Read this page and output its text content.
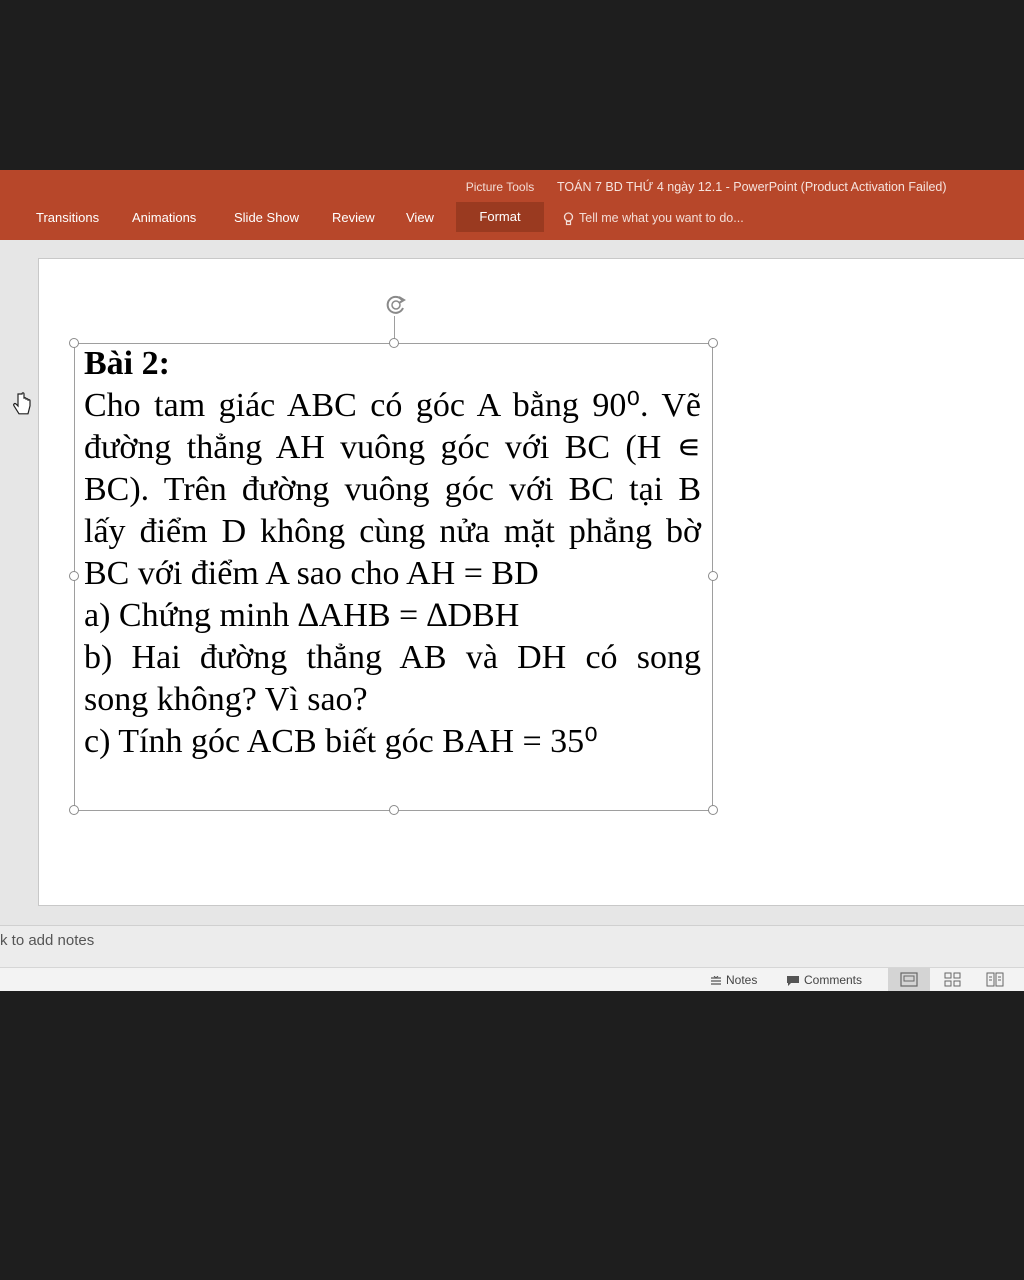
Picture Tools	TOÁN 7 BD THỨ 4 ngày 12.1 - PowerPoint (Product Activation Failed)
Transitions	Animations	Slide Show	Review View	Format	Tell me what you want to do...

Bài 2:

Cho tam giác ABC có góc A bằng 90⁰. Vẽ

đường thẳng AH vuông góc với BC (H ∊

BC). Trên đường vuông góc với BC tại B

lấy điểm D không cùng nửa mặt phẳng bờ

BC với điểm A sao cho AH = BD

a) Chứng minh ∆AHB = ∆DBH

b) Hai đường thẳng AB và DH có song

song không? Vì sao?

c) Tính góc ACB biết góc BAH = 35⁰

k to add notes
Notes	Comments
